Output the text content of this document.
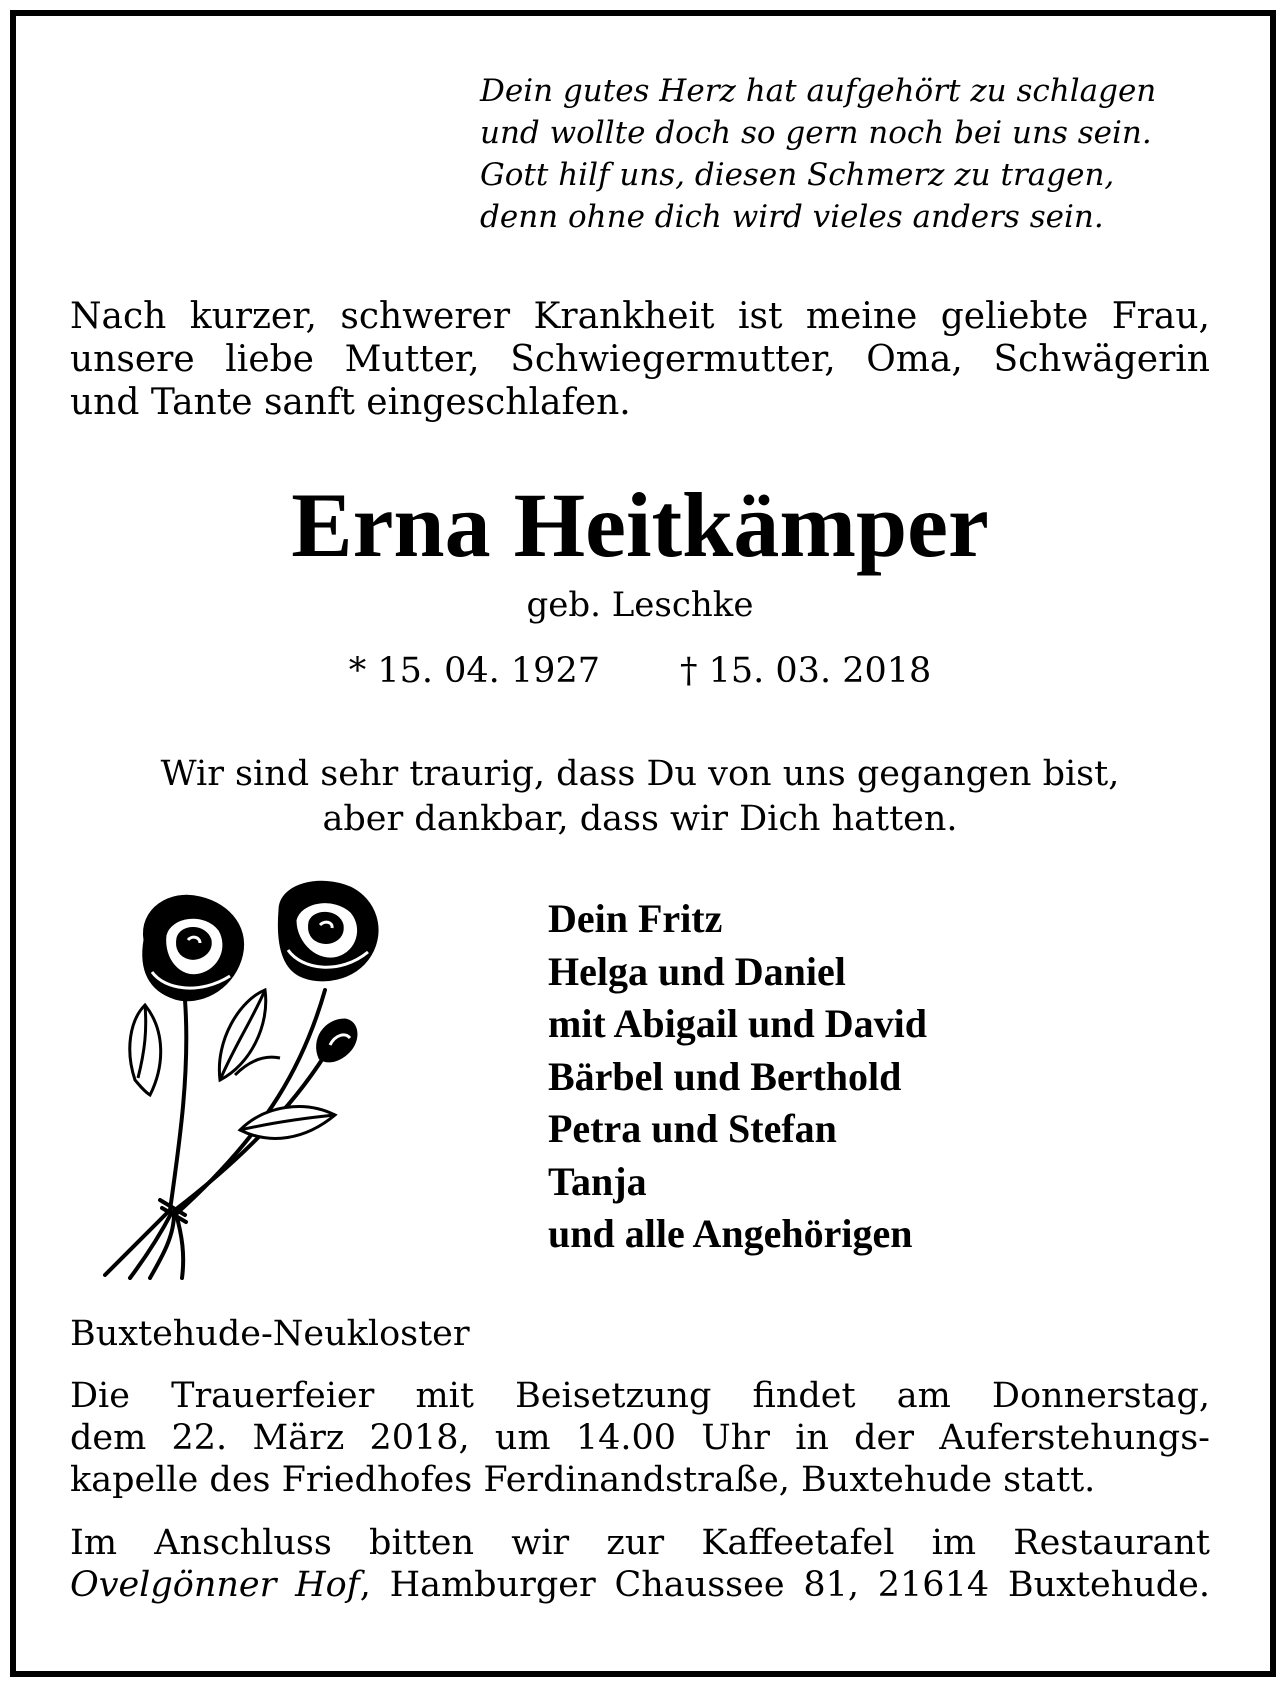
Dein gutes Herz hat aufgehört zu schlagen
und wollte doch so gern noch bei uns sein.
Gott hilf uns, diesen Schmerz zu tragen,
denn ohne dich wird vieles anders sein.
Nach kurzer, schwerer Krankheit ist meine geliebte Frau,
unsere liebe Mutter, Schwiegermutter, Oma, Schwägerin
und Tante sanft eingeschlafen.
Erna Heitkämper
geb. Leschke
* 15. 04. 1927 † 15. 03. 2018
Wir sind sehr traurig, dass Du von uns gegangen bist,
aber dankbar, dass wir Dich hatten.
Dein Fritz
Helga und Daniel
mit Abigail und David
Bärbel und Berthold
Petra und Stefan
Tanja
und alle Angehörigen
Buxtehude-Neukloster
Die Trauerfeier mit Beisetzung findet am Donnerstag,
dem 22. März 2018, um 14.00 Uhr in der Auferstehungs-
kapelle des Friedhofes Ferdinandstraße, Buxtehude statt.
Im Anschluss bitten wir zur Kaffeetafel im Restaurant
Ovelgönner Hof, Hamburger Chaussee 81, 21614 Buxtehude.
